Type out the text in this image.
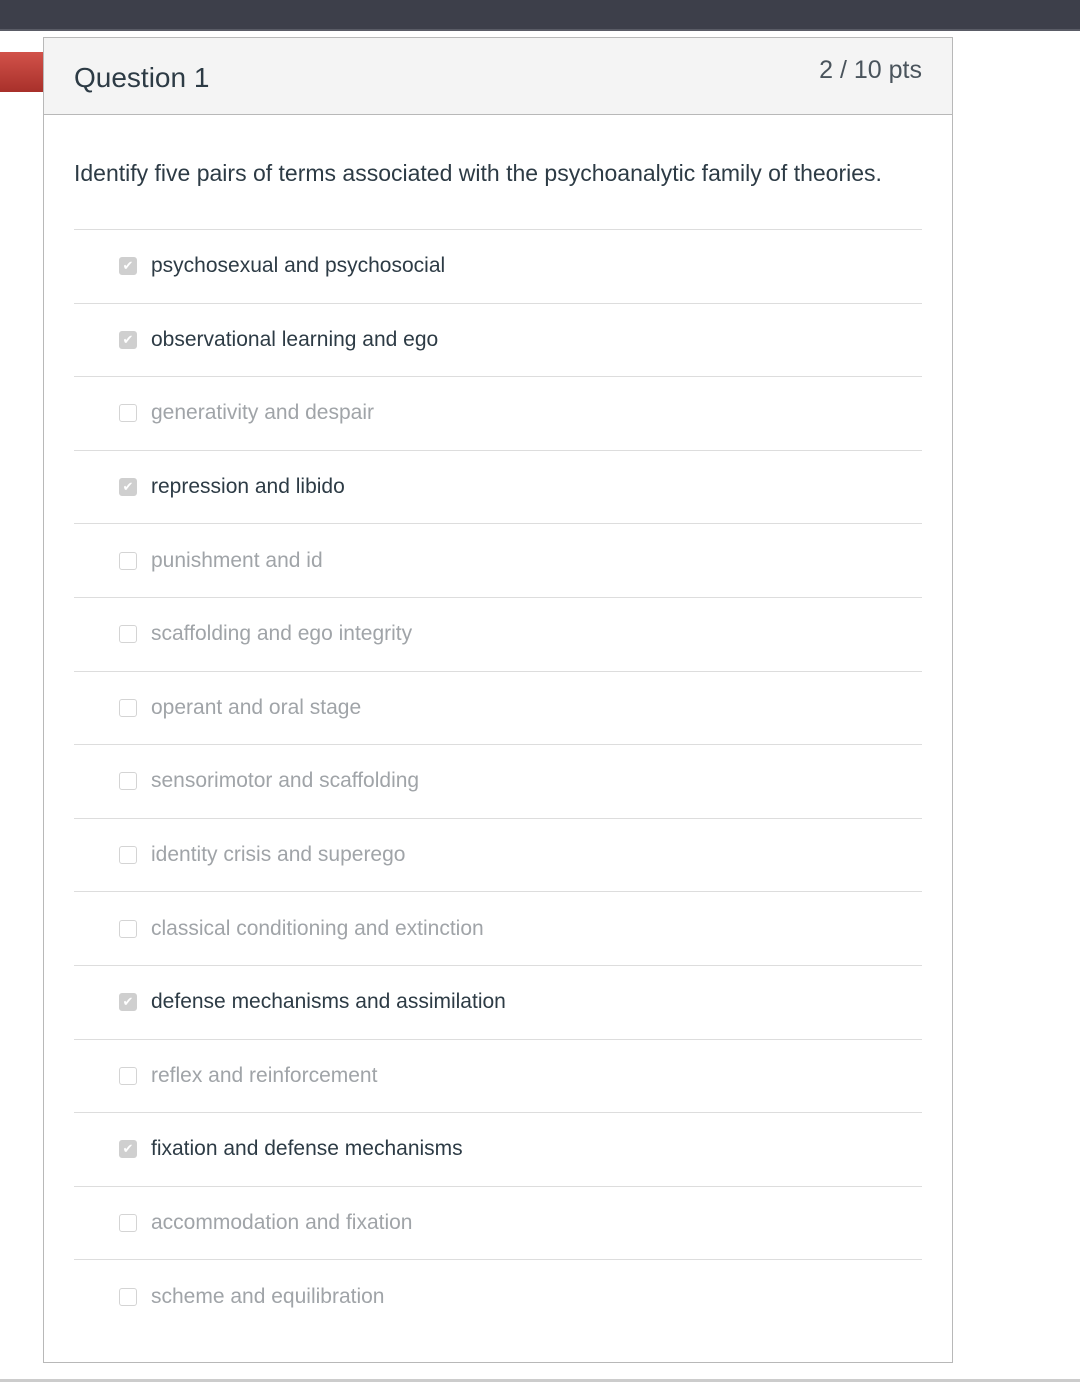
Question 1	2 / 10 pts
Identify five pairs of terms associated with the psychoanalytic family of theories.
✔ psychosexual and psychosocial
✔ observational learning and ego
generativity and despair
✔ repression and libido
punishment and id
scaffolding and ego integrity
operant and oral stage
sensorimotor and scaffolding
identity crisis and superego
classical conditioning and extinction
✔ defense mechanisms and assimilation
reflex and reinforcement
✔ fixation and defense mechanisms
accommodation and fixation
scheme and equilibration
